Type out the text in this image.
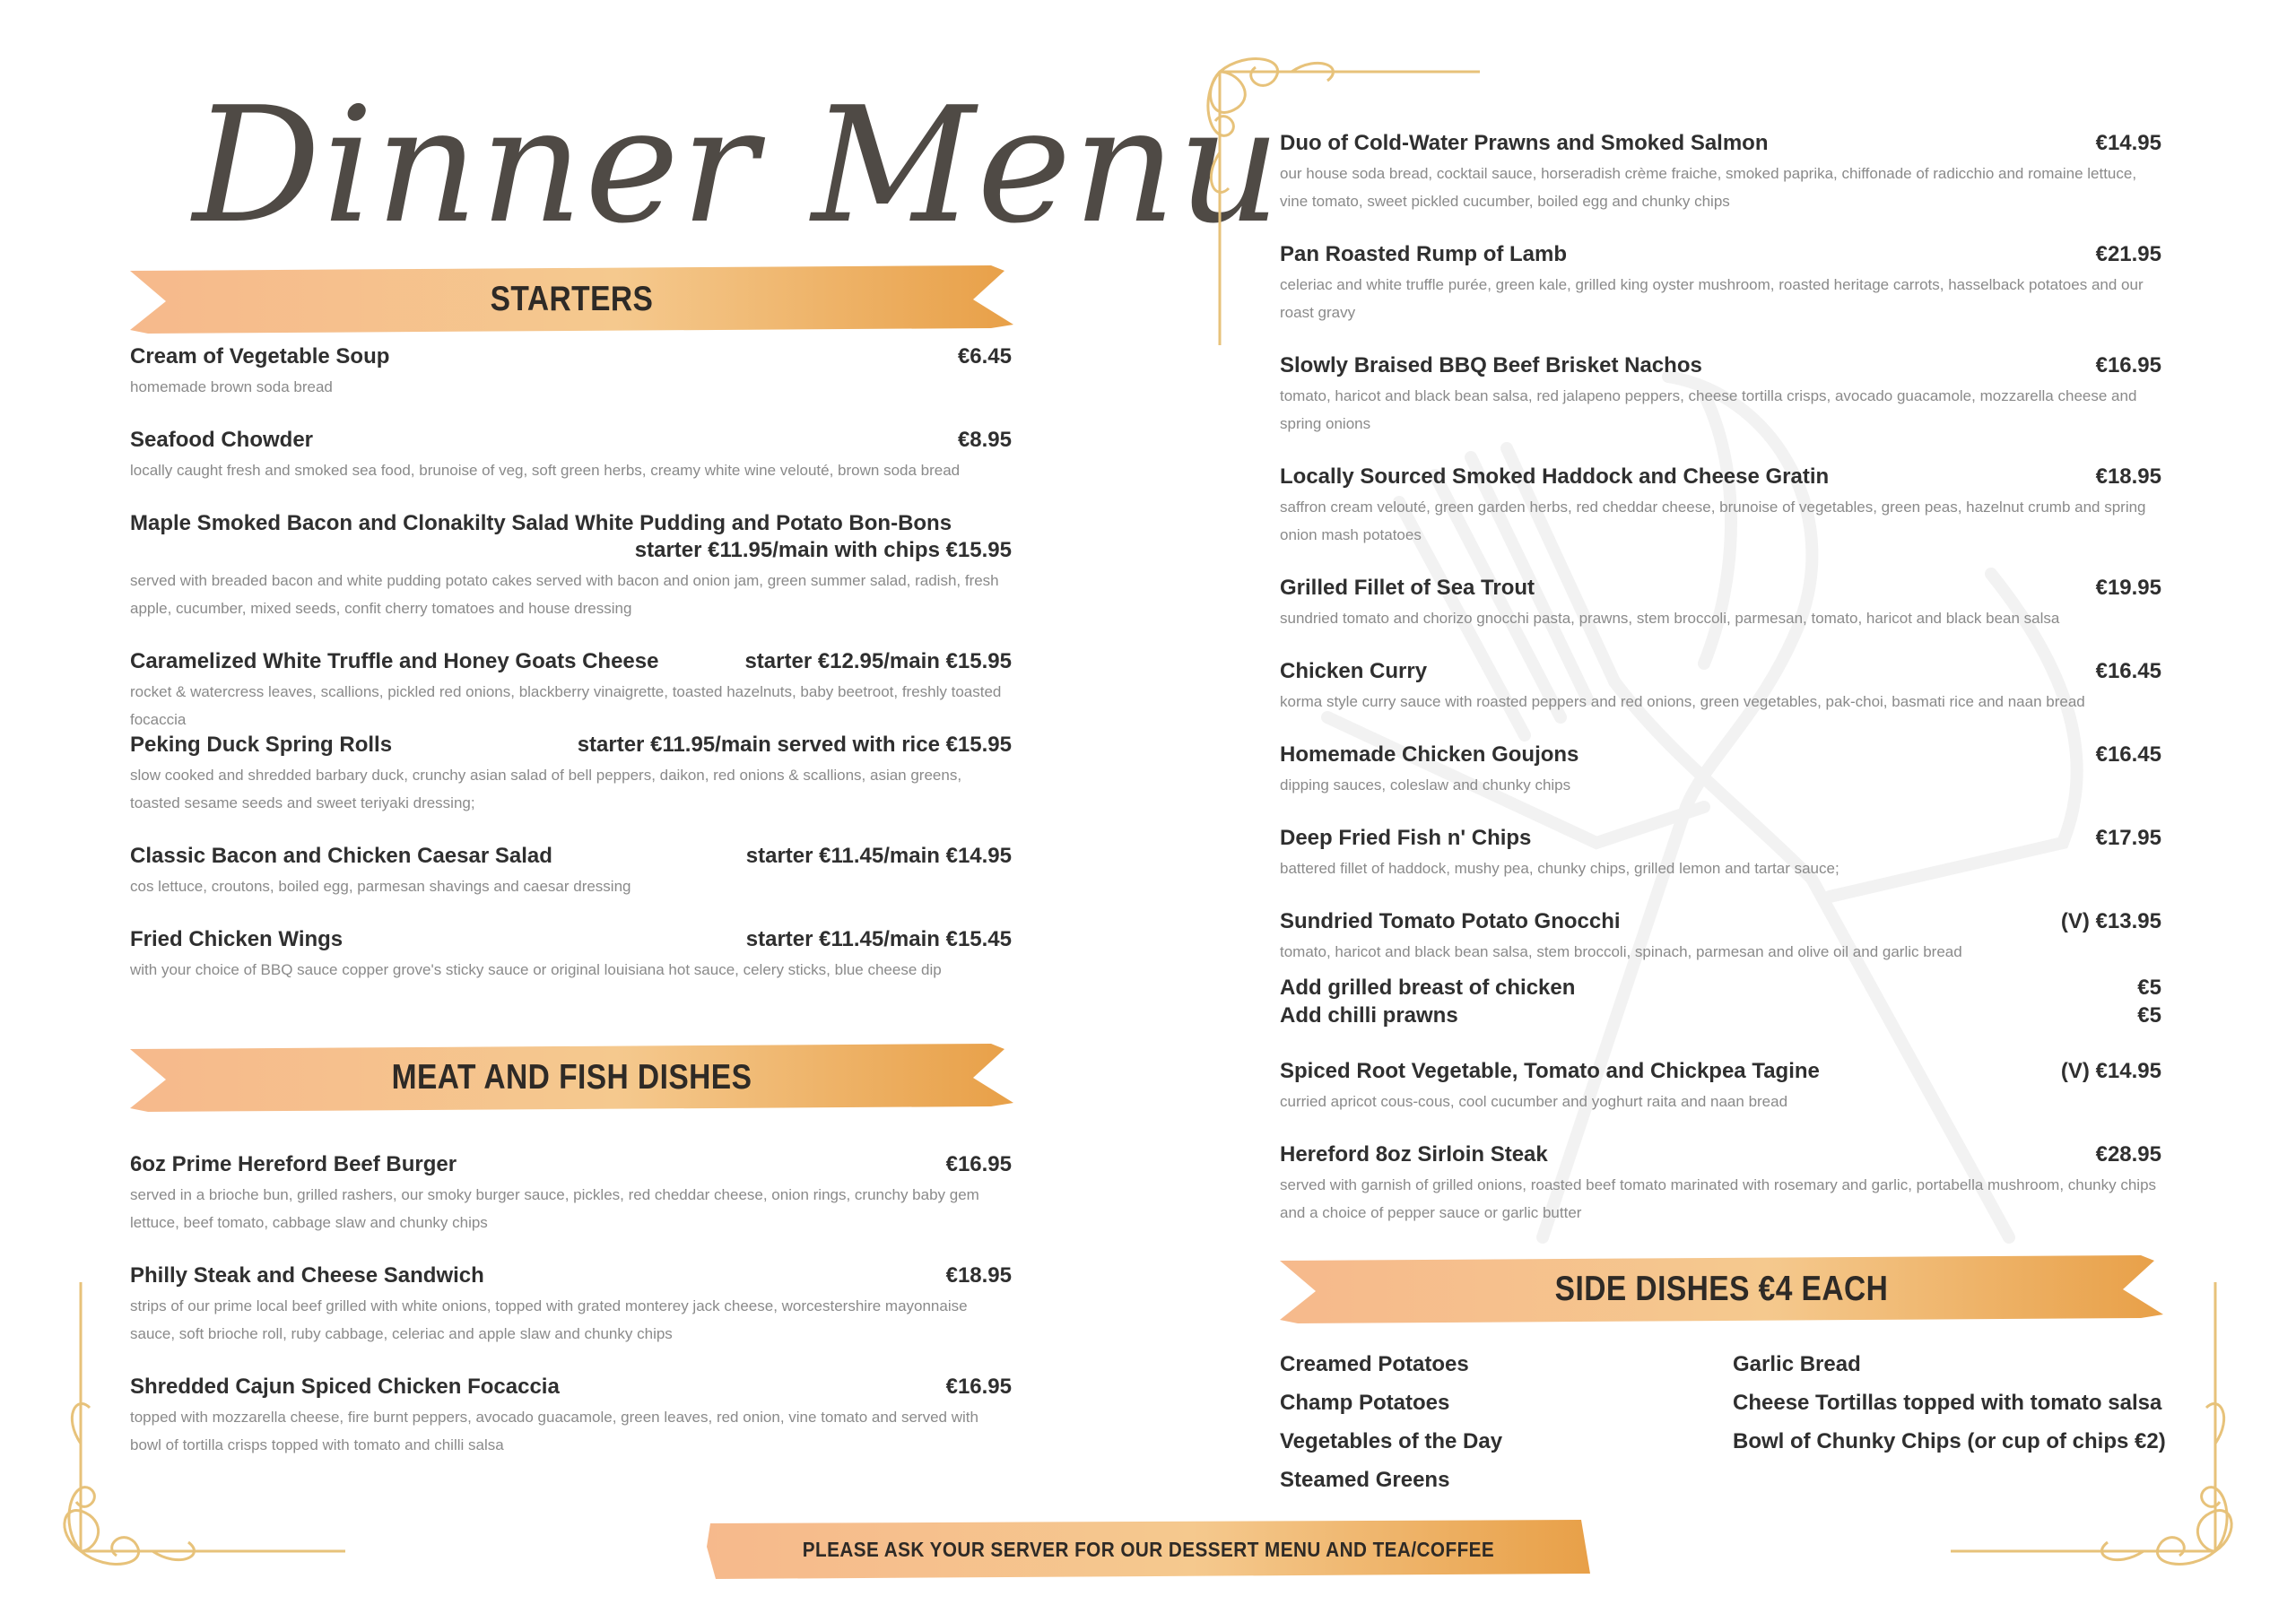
Dinner Menu
STARTERS
Cream of Vegetable Soup	€6.45
homemade brown soda bread
Seafood Chowder	€8.95
locally caught fresh and smoked sea food, brunoise of veg, soft green herbs, creamy white wine velouté, brown soda bread
Maple Smoked Bacon and Clonakilty Salad White Pudding and Potato Bon-Bons
starter €11.95/main with chips €15.95
served with breaded bacon and white pudding potato cakes served with bacon and onion jam, green summer salad, radish, fresh apple, cucumber, mixed seeds, confit cherry tomatoes and house dressing
Caramelized White Truffle and Honey Goats Cheese	starter €12.95/main €15.95
rocket & watercress leaves, scallions, pickled red onions, blackberry vinaigrette, toasted hazelnuts, baby beetroot, freshly toasted focaccia
Peking Duck Spring Rolls	starter €11.95/main served with rice €15.95
slow cooked and shredded barbary duck, crunchy asian salad of bell peppers, daikon, red onions & scallions, asian greens, toasted sesame seeds and sweet teriyaki dressing;
Classic Bacon and Chicken Caesar Salad	starter €11.45/main €14.95
cos lettuce, croutons, boiled egg, parmesan shavings and caesar dressing
Fried Chicken Wings	starter €11.45/main €15.45
with your choice of BBQ sauce copper grove's sticky sauce or original louisiana hot sauce, celery sticks, blue cheese dip
MEAT AND FISH DISHES
6oz Prime Hereford Beef Burger	€16.95
served in a brioche bun, grilled rashers, our smoky burger sauce, pickles, red cheddar cheese, onion rings, crunchy baby gem lettuce, beef tomato, cabbage slaw and chunky chips
Philly Steak and Cheese Sandwich	€18.95
strips of our prime local beef grilled with white onions, topped with grated monterey jack cheese, worcestershire mayonnaise sauce, soft brioche roll, ruby cabbage, celeriac and apple slaw and chunky chips
Shredded Cajun Spiced Chicken Focaccia	€16.95
topped with mozzarella cheese, fire burnt peppers, avocado guacamole, green leaves, red onion, vine tomato and served with bowl of tortilla crisps topped with tomato and chilli salsa
Duo of Cold-Water Prawns and Smoked Salmon	€14.95
our house soda bread, cocktail sauce, horseradish crème fraiche, smoked paprika, chiffonade of radicchio and romaine lettuce, vine tomato, sweet pickled cucumber, boiled egg and chunky chips
Pan Roasted Rump of Lamb	€21.95
celeriac and white truffle purée, green kale, grilled king oyster mushroom, roasted heritage carrots, hasselback potatoes and our roast gravy
Slowly Braised BBQ Beef Brisket Nachos	€16.95
tomato, haricot and black bean salsa, red jalapeno peppers, cheese tortilla crisps, avocado guacamole, mozzarella cheese and spring onions
Locally Sourced Smoked Haddock and Cheese Gratin	€18.95
saffron cream velouté, green garden herbs, red cheddar cheese, brunoise of vegetables, green peas, hazelnut crumb and spring onion mash potatoes
Grilled Fillet of Sea Trout	€19.95
sundried tomato and chorizo gnocchi pasta, prawns, stem broccoli, parmesan, tomato, haricot and black bean salsa
Chicken Curry	€16.45
korma style curry sauce with roasted peppers and red onions, green vegetables, pak-choi, basmati rice and naan bread
Homemade Chicken Goujons	€16.45
dipping sauces, coleslaw and chunky chips
Deep Fried Fish n' Chips	€17.95
battered fillet of haddock, mushy pea, chunky chips, grilled lemon and tartar sauce;
Sundried Tomato Potato Gnocchi	(V) €13.95
tomato, haricot and black bean salsa, stem broccoli, spinach, parmesan and olive oil and garlic bread
Add grilled breast of chicken	€5
Add chilli prawns	€5
Spiced Root Vegetable, Tomato and Chickpea Tagine	(V) €14.95
curried apricot cous-cous, cool cucumber and yoghurt raita and naan bread
Hereford 8oz Sirloin Steak	€28.95
served with garnish of grilled onions, roasted beef tomato marinated with rosemary and garlic, portabella mushroom, chunky chips and a choice of pepper sauce or garlic butter
SIDE DISHES €4 EACH
Creamed Potatoes
Champ Potatoes
Vegetables of the Day
Steamed Greens
Garlic Bread
Cheese Tortillas topped with tomato salsa
Bowl of Chunky Chips (or cup of chips €2)
PLEASE ASK YOUR SERVER FOR OUR DESSERT MENU AND TEA/COFFEE
